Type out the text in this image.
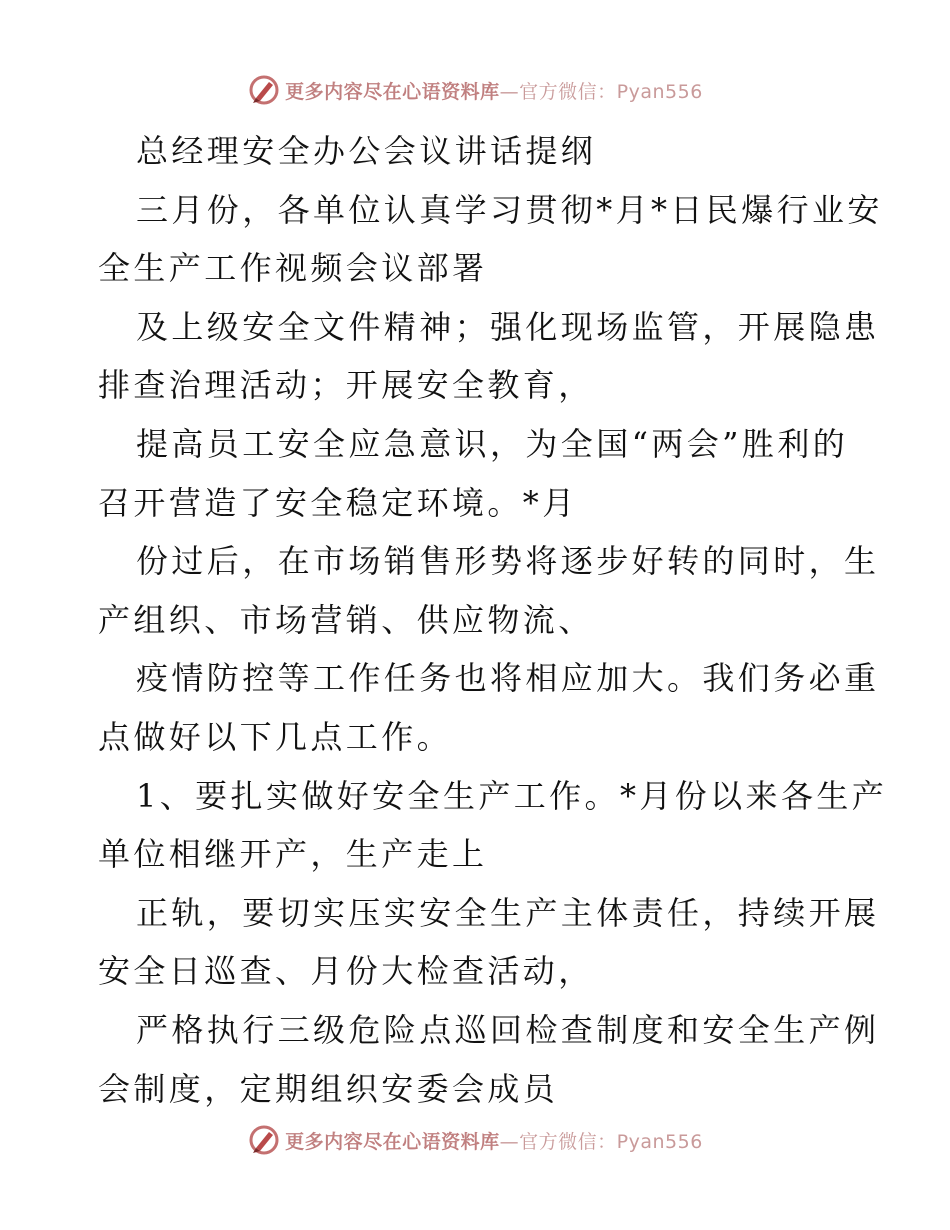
更多内容尽在心语资料库—官方微信：Pyan556
总经理安全办公会议讲话提纲
三月份，各单位认真学习贯彻*月*日民爆行业安
全生产工作视频会议部署
及上级安全文件精神；强化现场监管，开展隐患
排查治理活动；开展安全教育，
提高员工安全应急意识，为全国“两会”胜利的
召开营造了安全稳定环境。*月
份过后，在市场销售形势将逐步好转的同时，生
产组织、市场营销、供应物流、
疫情防控等工作任务也将相应加大。我们务必重
点做好以下几点工作。
1、要扎实做好安全生产工作。*月份以来各生产
单位相继开产，生产走上
正轨，要切实压实安全生产主体责任，持续开展
安全日巡查、月份大检查活动，
严格执行三级危险点巡回检查制度和安全生产例
会制度，定期组织安委会成员
更多内容尽在心语资料库—官方微信：Pyan556
